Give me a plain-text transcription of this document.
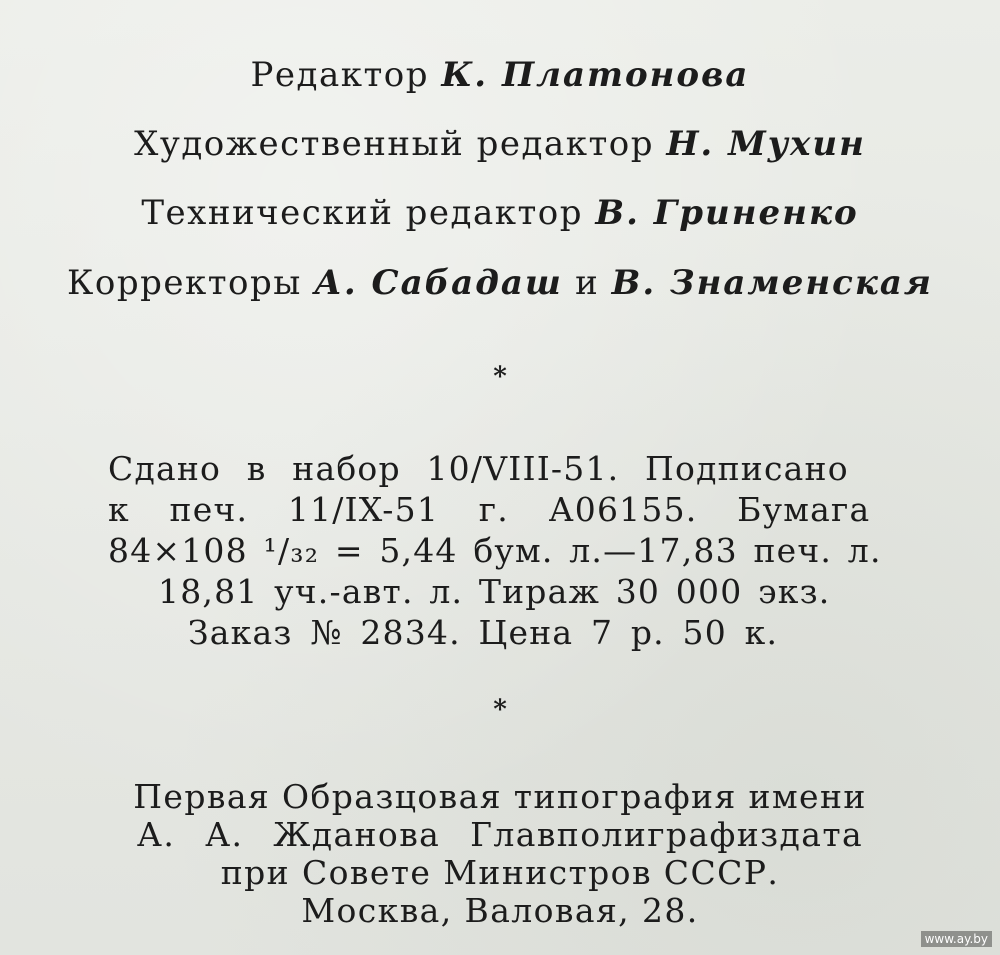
Редактор К. Платонова
Художественный редактор Н. Мухин
Технический редактор В. Гриненко
Корректоры А. Сабадаш и В. Знаменская
*
Сдано в набор 10/VIII-51. Подписано
к печ. 11/IX-51 г. А06155. Бумага
84×108 ¹/₃₂ = 5,44 бум. л.—17,83 печ. л.
18,81 уч.-авт. л. Тираж 30 000 экз.
Заказ № 2834. Цена 7 р. 50 к.
*
Первая Образцовая типография имени
А. А. Жданова Главполиграфиздата
при Совете Министров СССР.
Москва, Валовая, 28.
www.ay.by
